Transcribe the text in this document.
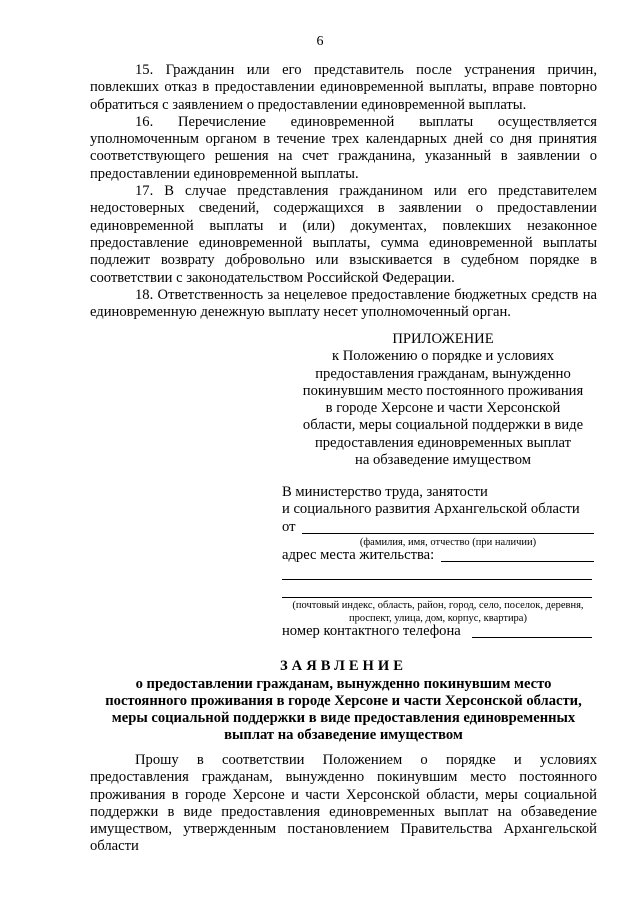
6

15. Гражданин или его представитель после устранения причин, повлекших отказ в предоставлении единовременной выплаты, вправе повторно обратиться с заявлением о предоставлении единовременной выплаты.

16. Перечисление единовременной выплаты осуществляется уполномоченным органом в течение трех календарных дней со дня принятия соответствующего решения на счет гражданина, указанный в заявлении о предоставлении единовременной выплаты.

17. В случае представления гражданином или его представителем недостоверных сведений, содержащихся в заявлении о предоставлении единовременной выплаты и (или) документах, повлекших незаконное предоставление единовременной выплаты, сумма единовременной выплаты подлежит возврату добровольно или взыскивается в судебном порядке в соответствии с законодательством Российской Федерации.

18. Ответственность за нецелевое предоставление бюджетных средств на единовременную денежную выплату несет уполномоченный орган.

ПРИЛОЖЕНИЕ
к Положению о порядке и условиях
предоставления гражданам, вынужденно
покинувшим место постоянного проживания
в городе Херсоне и части Херсонской
области, меры социальной поддержки в виде
предоставления единовременных выплат
на обзаведение имуществом
В министерство труда, занятости
и социального развития Архангельской области
от
(фамилия, имя, отчество (при наличии)
адрес места жительства:
(почтовый индекс, область, район, город, село, поселок, деревня,
проспект, улица, дом, корпус, квартира)
номер контактного телефона
ЗАЯВЛЕНИЕ
о предоставлении гражданам, вынужденно покинувшим место
постоянного проживания в городе Херсоне и части Херсонской области,
меры социальной поддержки в виде предоставления единовременных
выплат на обзаведение имуществом

Прошу в соответствии Положением о порядке и условиях предоставления гражданам, вынужденно покинувшим место постоянного проживания в городе Херсоне и части Херсонской области, меры социальной поддержки в виде предоставления единовременных выплат на обзаведение имуществом, утвержденным постановлением Правительства Архангельской области
